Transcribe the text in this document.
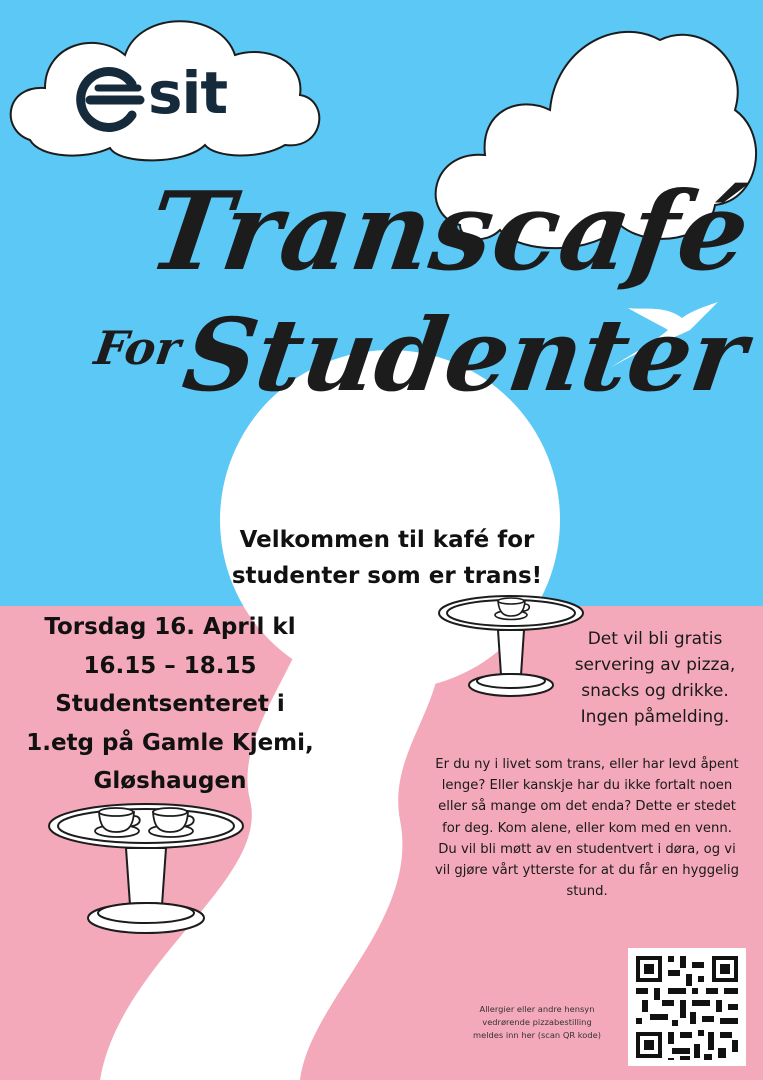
sit
Transcafé
For
Studenter
Velkommen til kafé for
studenter som er trans!
Torsdag 16. April kl
16.15 – 18.15
Studentsenteret i
1.etg på Gamle Kjemi,
Gløshaugen
Det vil bli gratis
servering av pizza,
snacks og drikke.
Ingen påmelding.
Er du ny i livet som trans, eller har levd åpent
lenge? Eller kanskje har du ikke fortalt noen
eller så mange om det enda? Dette er stedet
for deg. Kom alene, eller kom med en venn.
Du vil bli møtt av en studentvert i døra, og vi
vil gjøre vårt ytterste for at du får en hyggelig
stund.
Allergier eller andre hensyn
vedrørende pizzabestilling
meldes inn her (scan QR kode)
